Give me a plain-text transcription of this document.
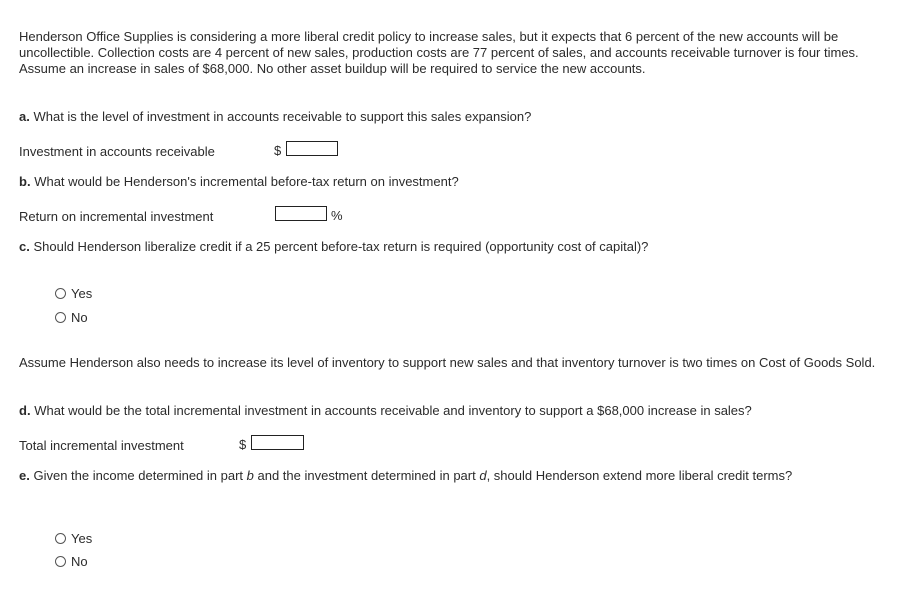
Henderson Office Supplies is considering a more liberal credit policy to increase sales, but it expects that 6 percent of the new accounts will be uncollectible. Collection costs are 4 percent of new sales, production costs are 77 percent of sales, and accounts receivable turnover is four times. Assume an increase in sales of $68,000. No other asset buildup will be required to service the new accounts.
a. What is the level of investment in accounts receivable to support this sales expansion?
Investment in accounts receivable	$
b. What would be Henderson's incremental before-tax return on investment?
Return on incremental investment	%
c. Should Henderson liberalize credit if a 25 percent before-tax return is required (opportunity cost of capital)?
Yes
No
Assume Henderson also needs to increase its level of inventory to support new sales and that inventory turnover is two times on Cost of Goods Sold.
d. What would be the total incremental investment in accounts receivable and inventory to support a $68,000 increase in sales?
Total incremental investment	$
e. Given the income determined in part b and the investment determined in part d, should Henderson extend more liberal credit terms?
Yes
No
